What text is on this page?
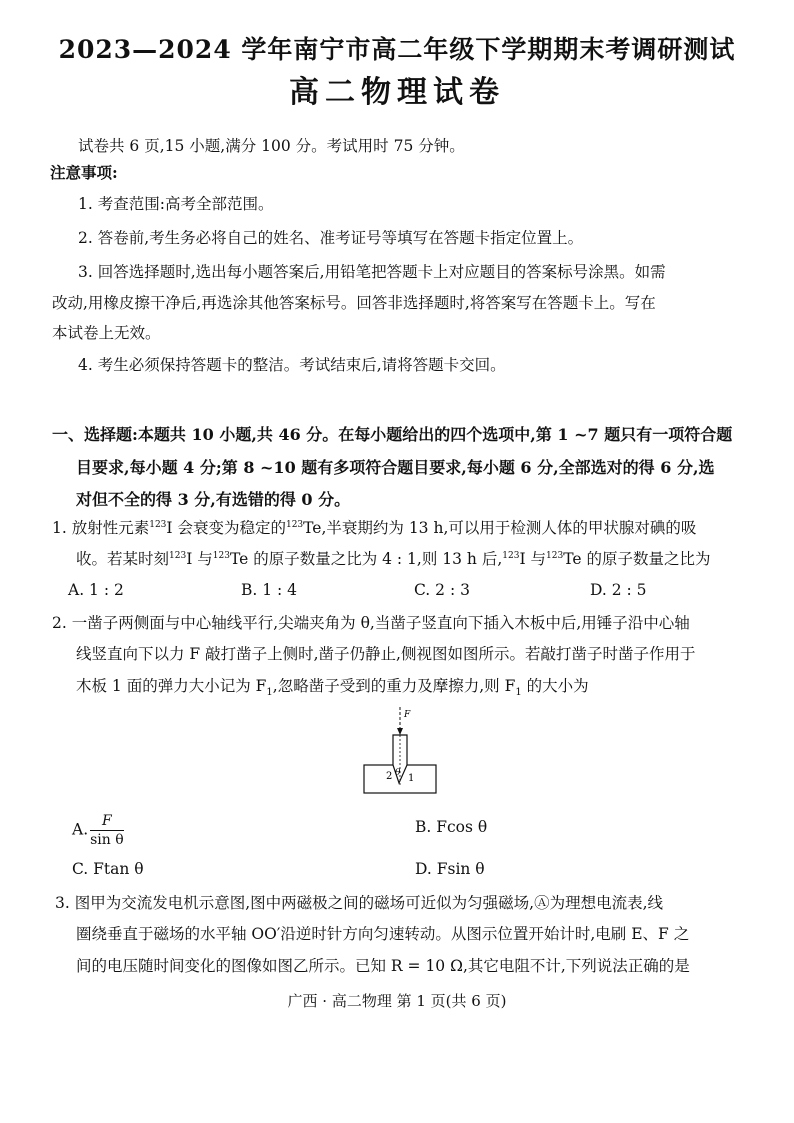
2023—2024 学年南宁市高二年级下学期期末考调研测试
高二物理试卷
试卷共 6 页,15 小题,满分 100 分。考试用时 75 分钟。
注意事项:
1. 考查范围:高考全部范围。
2. 答卷前,考生务必将自己的姓名、准考证号等填写在答题卡指定位置上。
3. 回答选择题时,选出每小题答案后,用铅笔把答题卡上对应题目的答案标号涂黑。如需
改动,用橡皮擦干净后,再选涂其他答案标号。回答非选择题时,将答案写在答题卡上。写在
本试卷上无效。
4. 考生必须保持答题卡的整洁。考试结束后,请将答题卡交回。
一、选择题:本题共 10 小题,共 46 分。在每小题给出的四个选项中,第 1 ~7 题只有一项符合题
目要求,每小题 4 分;第 8 ~10 题有多项符合题目要求,每小题 6 分,全部选对的得 6 分,选
对但不全的得 3 分,有选错的得 0 分。
1. 放射性元素$^{123}$I 会衰变为稳定的$^{123}$Te,半衰期约为 13 h,可以用于检测人体的甲状腺对碘的吸
收。若某时刻$^{123}$I 与$^{123}$Te 的原子数量之比为 4 : 1,则 13 h 后,$^{123}$I 与$^{123}$Te 的原子数量之比为
A. 1 : 2	B. 1 : 4	C. 2 : 3	D. 2 : 5
2. 一凿子两侧面与中心轴线平行,尖端夹角为 θ,当凿子竖直向下插入木板中后,用锤子沿中心轴
线竖直向下以力 F 敲打凿子上侧时,凿子仍静止,侧视图如图所示。若敲打凿子时凿子作用于
木板 1 面的弹力大小记为 $F_1$,忽略凿子受到的重力及摩擦力,则 $F_1$ 的大小为
F
2 θ 1
A. $\frac{F}{\text{sin θ}}$	B. Fcos θ
C. Ftan θ	D. Fsin θ
3. 图甲为交流发电机示意图,图中两磁极之间的磁场可近似为匀强磁场,Ⓐ为理想电流表,线
圈绕垂直于磁场的水平轴 OO′沿逆时针方向匀速转动。从图示位置开始计时,电刷 E、F 之
间的电压随时间变化的图像如图乙所示。已知 R = 10 Ω,其它电阻不计,下列说法正确的是
广西 · 高二物理 第 1 页(共 6 页)
